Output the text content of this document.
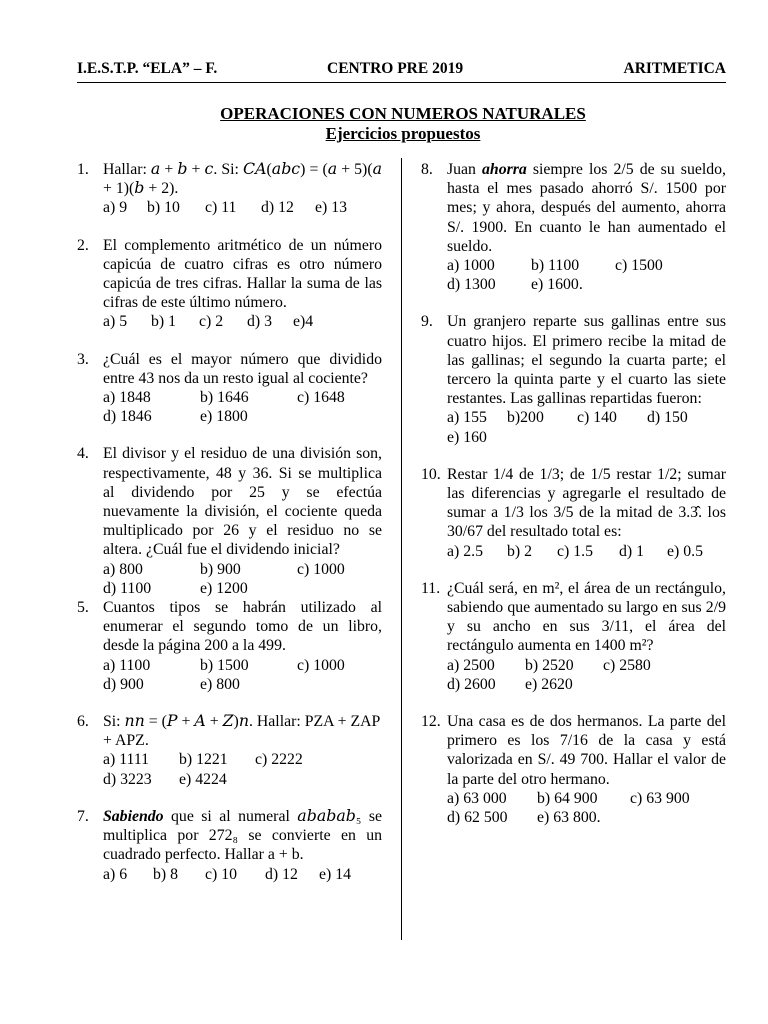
I.E.S.T.P. “ELA” – F.	CENTRO PRE 2019	ARITMETICA
OPERACIONES CON NUMEROS NATURALES
Ejercicios propuestos
1. Hallar: 𝑎 + 𝑏 + 𝑐. Si: 𝐶𝐴(𝑎𝑏𝑐) = (𝑎 + 5)(𝑎 + 1)(𝑏 + 2).
a) 9	b) 10	c) 11	d) 12	e) 13
2. El complemento aritmético de un número capicúa de cuatro cifras es otro número capicúa de tres cifras. Hallar la suma de las cifras de este último número.
a) 5	b) 1	c) 2	d) 3	e)4
3. ¿Cuál es el mayor número que dividido entre 43 nos da un resto igual al cociente?
a) 1848	b) 1646	c) 1648
d) 1846	e) 1800
4. El divisor y el residuo de una división son, respectivamente, 48 y 36. Si se multiplica al dividendo por 25 y se efectúa nuevamente la división, el cociente queda multiplicado por 26 y el residuo no se altera. ¿Cuál fue el dividendo inicial?
a) 800	b) 900	c) 1000
d) 1100	e) 1200
5. Cuantos tipos se habrán utilizado al enumerar el segundo tomo de un libro, desde la página 200 a la 499.
a) 1100	b) 1500	c) 1000
d) 900	e) 800
6. Si: 𝑛𝑛 = (𝑃 + 𝐴 + 𝑍)𝑛. Hallar: PZA + ZAP + APZ.
a) 1111	b) 1221	c) 2222
d) 3223	e) 4224
7. Sabiendo que si al numeral 𝑎𝑏𝑎𝑏𝑎𝑏₅ se multiplica por 272₈ se convierte en un cuadrado perfecto. Hallar a + b.
a) 6	b) 8	c) 10	d) 12	e) 14
8. Juan ahorra siempre los 2/5 de su sueldo, hasta el mes pasado ahorró S/. 1500 por mes; y ahora, después del aumento, ahorra S/. 1900. En cuanto le han aumentado el sueldo.
a) 1000	b) 1100	c) 1500
d) 1300	e) 1600.
9. Un granjero reparte sus gallinas entre sus cuatro hijos. El primero recibe la mitad de las gallinas; el segundo la cuarta parte; el tercero la quinta parte y el cuarto las siete restantes. Las gallinas repartidas fueron:
a) 155	b)200	c) 140	d) 150
e) 160
10. Restar 1/4 de 1/3; de 1/5 restar 1/2; sumar las diferencias y agregarle el resultado de sumar a 1/3 los 3/5 de la mitad de 3.3̂. los 30/67 del resultado total es:
a) 2.5	b) 2	c) 1.5	d) 1	e) 0.5
11. ¿Cuál será, en m², el área de un rectángulo, sabiendo que aumentado su largo en sus 2/9 y su ancho en sus 3/11, el área del rectángulo aumenta en 1400 m²?
a) 2500	b) 2520	c) 2580
d) 2600	e) 2620
12. Una casa es de dos hermanos. La parte del primero es los 7/16 de la casa y está valorizada en S/. 49 700. Hallar el valor de la parte del otro hermano.
a) 63 000	b) 64 900	c) 63 900
d) 62 500	e) 63 800.
